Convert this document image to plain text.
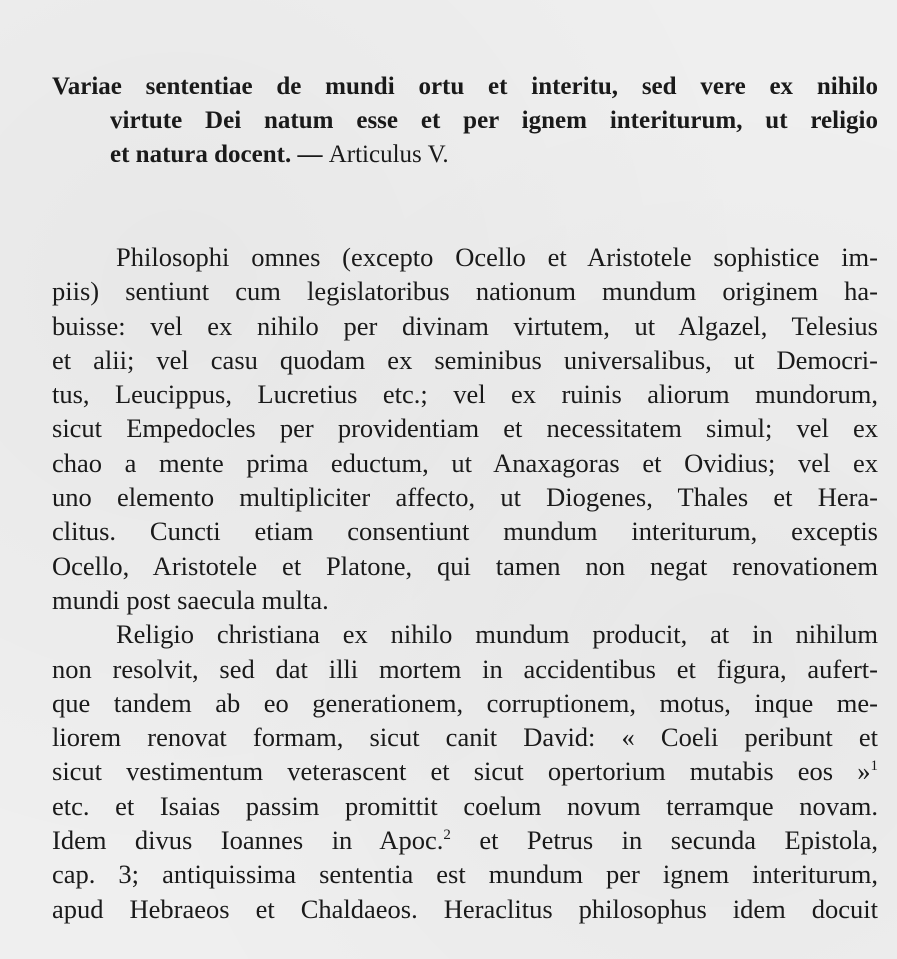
Variae sententiae de mundi ortu et interitu, sed vere ex nihilo
virtute Dei natum esse et per ignem interiturum, ut religio
et natura docent. — Articulus V.
Philosophi omnes (excepto Ocello et Aristotele sophistice im-
piis) sentiunt cum legislatoribus nationum mundum originem ha-
buisse: vel ex nihilo per divinam virtutem, ut Algazel, Telesius
et alii; vel casu quodam ex seminibus universalibus, ut Democri-
tus, Leucippus, Lucretius etc.; vel ex ruinis aliorum mundorum,
sicut Empedocles per providentiam et necessitatem simul; vel ex
chao a mente prima eductum, ut Anaxagoras et Ovidius; vel ex
uno elemento multipliciter affecto, ut Diogenes, Thales et Hera-
clitus. Cuncti etiam consentiunt mundum interiturum, exceptis
Ocello, Aristotele et Platone, qui tamen non negat renovationem
mundi post saecula multa.
Religio christiana ex nihilo mundum producit, at in nihilum
non resolvit, sed dat illi mortem in accidentibus et figura, aufert-
que tandem ab eo generationem, corruptionem, motus, inque me-
liorem renovat formam, sicut canit David: « Coeli peribunt et
sicut vestimentum veterascent et sicut opertorium mutabis eos »$^1$
etc. et Isaias passim promittit coelum novum terramque novam.
Idem divus Ioannes in Apoc.$^2$ et Petrus in secunda Epistola,
cap. 3; antiquissima sententia est mundum per ignem interiturum,
apud Hebraeos et Chaldaeos. Heraclitus philosophus idem docuit
